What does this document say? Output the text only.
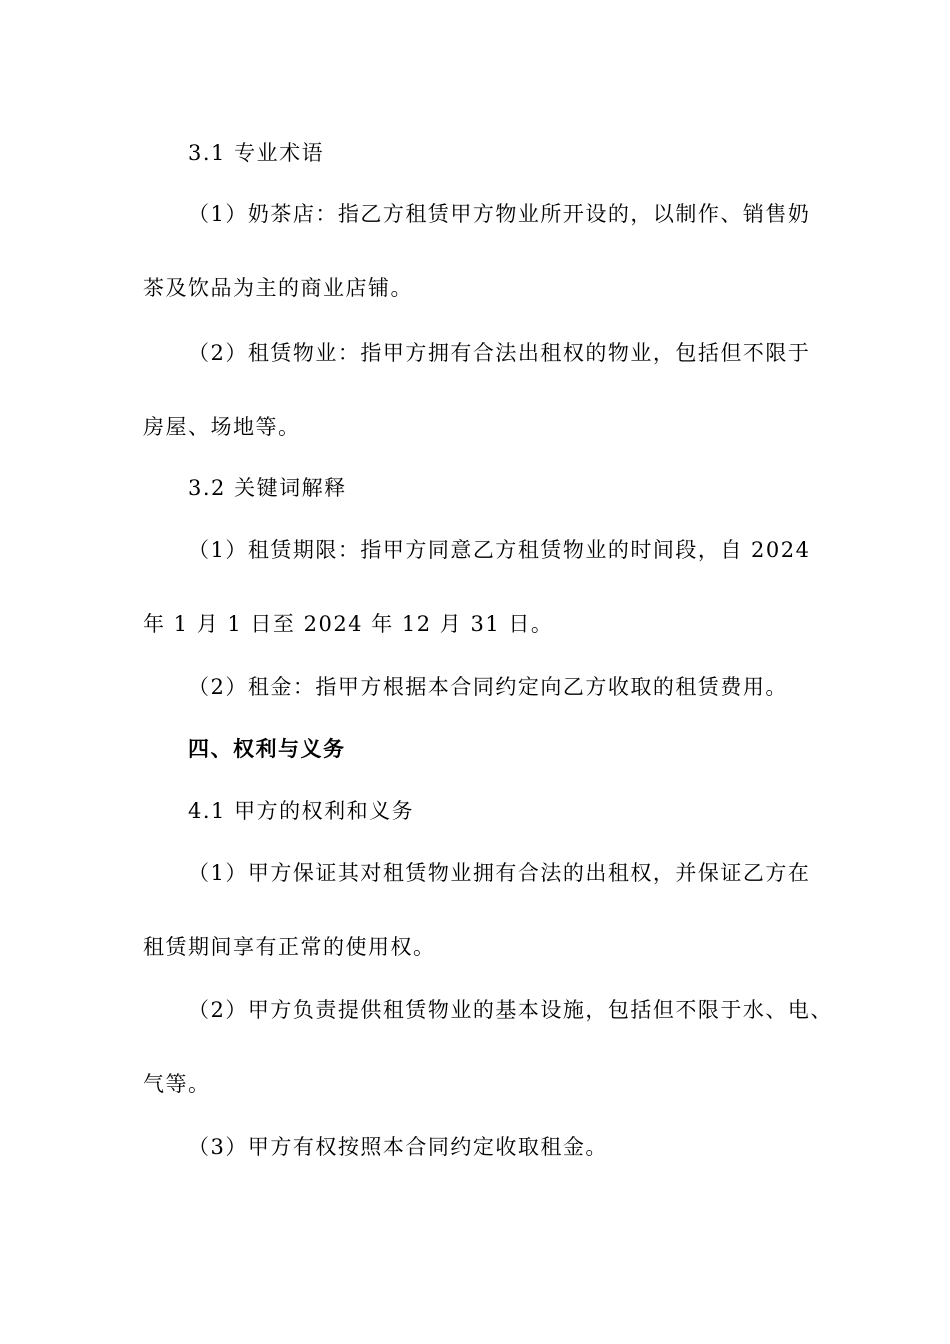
3.1 专业术语
（1）奶茶店：指乙方租赁甲方物业所开设的，以制作、销售奶
茶及饮品为主的商业店铺。
（2）租赁物业：指甲方拥有合法出租权的物业，包括但不限于
房屋、场地等。
3.2 关键词解释
（1）租赁期限：指甲方同意乙方租赁物业的时间段，自 2024
年 1 月 1 日至 2024 年 12 月 31 日。
（2）租金：指甲方根据本合同约定向乙方收取的租赁费用。
四、权利与义务
4.1 甲方的权利和义务
（1）甲方保证其对租赁物业拥有合法的出租权，并保证乙方在
租赁期间享有正常的使用权。
（2）甲方负责提供租赁物业的基本设施，包括但不限于水、电、
气等。
（3）甲方有权按照本合同约定收取租金。
